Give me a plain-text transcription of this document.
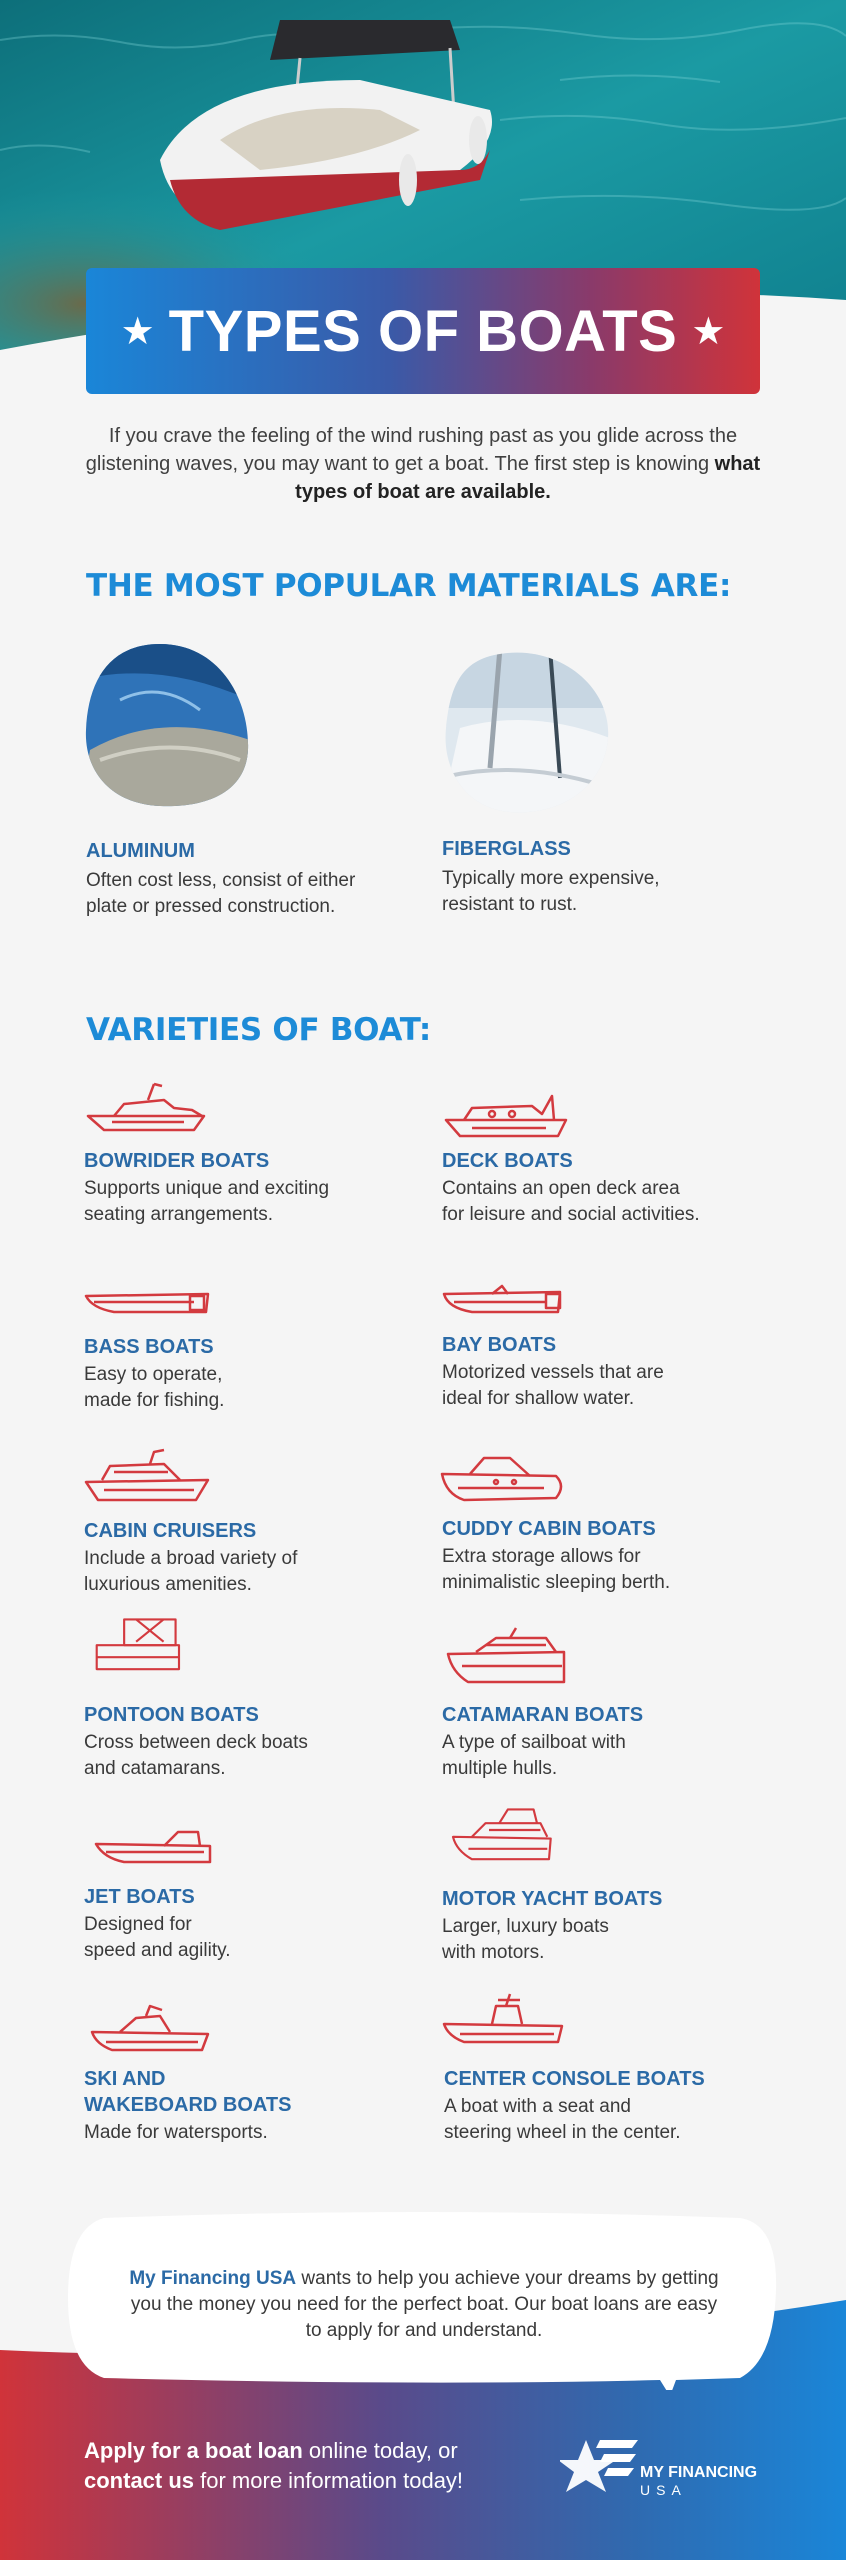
★ TYPES OF BOATS ★
If you crave the feeling of the wind rushing past as you glide across the glistening waves, you may want to get a boat. The first step is knowing what types of boat are available.
THE MOST POPULAR MATERIALS ARE:
ALUMINUM
Often cost less, consist of either
plate or pressed construction.
FIBERGLASS
Typically more expensive,
resistant to rust.
VARIETIES OF BOAT:
BOWRIDER BOATS
Supports unique and exciting
seating arrangements.
DECK BOATS
Contains an open deck area
for leisure and social activities.
BASS BOATS
Easy to operate,
made for fishing.
BAY BOATS
Motorized vessels that are
ideal for shallow water.
CABIN CRUISERS
Include a broad variety of
luxurious amenities.
CUDDY CABIN BOATS
Extra storage allows for
minimalistic sleeping berth.
PONTOON BOATS
Cross between deck boats
and catamarans.
CATAMARAN BOATS
A type of sailboat with
multiple hulls.
JET BOATS
Designed for
speed and agility.
MOTOR YACHT BOATS
Larger, luxury boats
with motors.
SKI AND
WAKEBOARD BOATS
Made for watersports.
CENTER CONSOLE BOATS
A boat with a seat and
steering wheel in the center.
My Financing USA wants to help you achieve your dreams by getting you the money you need for the perfect boat. Our boat loans are easy to apply for and understand.
Apply for a boat loan online today, or
contact us for more information today!	MY FINANCING
USA
